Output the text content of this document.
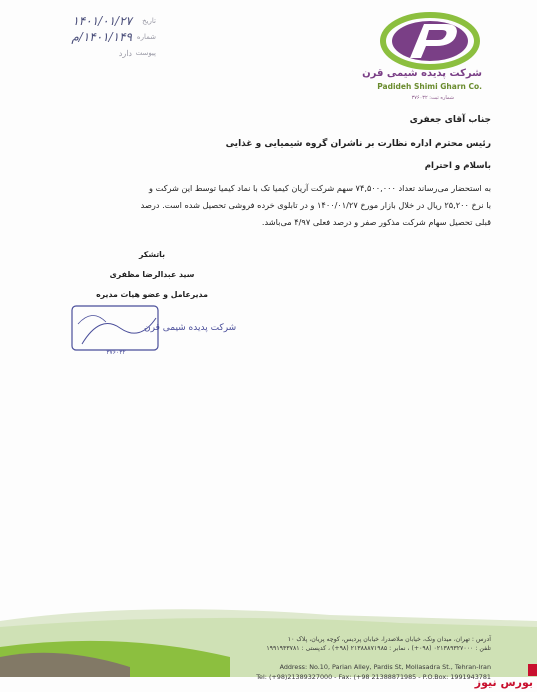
تاریخ
۱۴۰۱/۰۱/۲۷
شماره
۱۴۰۱/۱۴۹/م
پیوست
دارد
شرکت پدیده شیمی قرن
Padideh Shimi Gharn Co.
شماره ثبت: ۳۷۶۰۳۲
جناب آقای جعفری
رئیس محترم اداره نظارت بر ناشران گروه شیمیایی و غذایی
باسلام و احترام
به استحضار می‌رساند تعداد ۷۴,۵۰۰,۰۰۰ سهم شرکت آریان کیمیا تک با نماد کیمیا توسط این شرکت و
با نرخ ۲۵,۲۰۰ ریال در خلال بازار مورخ ۱۴۰۰/۰۱/۲۷ و در تابلوی خرده فروشی تحصیل شده است. درصد
قبلی تحصیل سهام شرکت مذکور صفر و درصد فعلی ۴/۹۷ می‌باشد.
باتشکر
سید عبدالرضا مظفری
مدیرعامل و عضو هیات مدیره
شرکت پدیده شیمی قرن
۳۷۶۰۳۲
آدرس : تهران، میدان ونک، خیابان ملاصدرا، خیابان پردیس، کوچه پریان، پلاک ۱۰
تلفن : ۰۲۱۳۸۹۳۲۷۰۰۰ (۰۹۸+) ، نمابر : ۲۱۳۸۸۸۷۱۹۸۵ (۹۸+) ، کدپستی : ۱۹۹۱۹۴۳۷۸۱
Address: No.10, Parian Alley, Pardis St, Mollasadra St., Tehran-Iran
Tel: (+98)21389327000 - Fax: (+98 21388871985 - P.O.Box: 1991943781
بورس نیوز
